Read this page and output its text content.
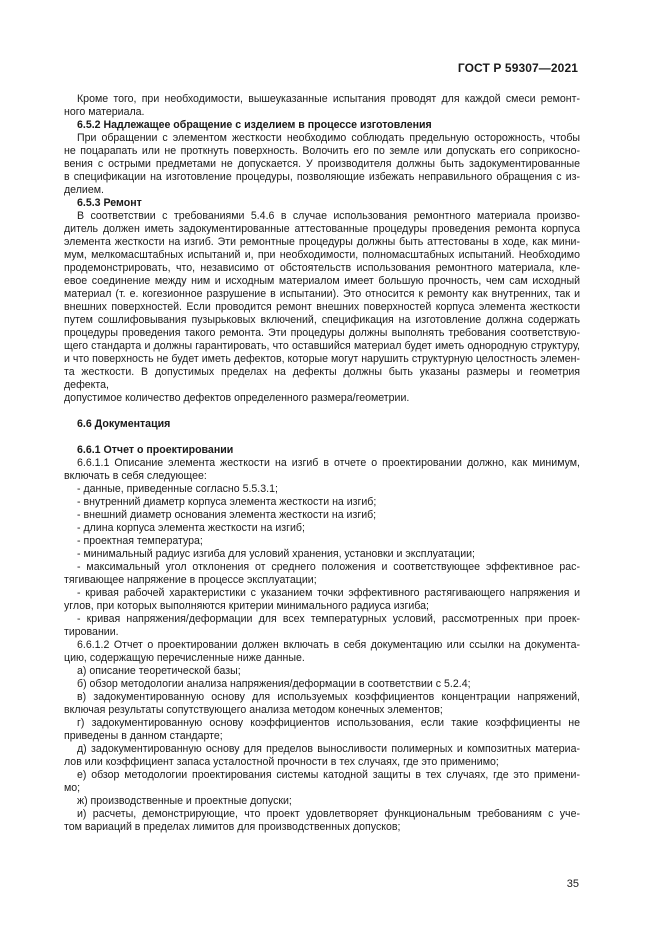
ГОСТ Р 59307—2021

Кроме того, при необходимости, вышеуказанные испытания проводят для каждой смеси ремонт-

ного материала.

6.5.2 Надлежащее обращение с изделием в процессе изготовления

При обращении с элементом жесткости необходимо соблюдать предельную осторожность, чтобы

не поцарапать или не проткнуть поверхность. Волочить его по земле или допускать его соприкосно-

вения с острыми предметами не допускается. У производителя должны быть задокументированные

в спецификации на изготовление процедуры, позволяющие избежать неправильного обращения с из-

делием.

6.5.3 Ремонт

В соответствии с требованиями 5.4.6 в случае использования ремонтного материала произво-

дитель должен иметь задокументированные аттестованные процедуры проведения ремонта корпуса

элемента жесткости на изгиб. Эти ремонтные процедуры должны быть аттестованы в ходе, как мини-

мум, мелкомасштабных испытаний и, при необходимости, полномасштабных испытаний. Необходимо

продемонстрировать, что, независимо от обстоятельств использования ремонтного материала, кле-

евое соединение между ним и исходным материалом имеет большую прочность, чем сам исходный

материал (т. е. когезионное разрушение в испытании). Это относится к ремонту как внутренних, так и

внешних поверхностей. Если проводится ремонт внешних поверхностей корпуса элемента жесткости

путем сошлифовывания пузырьковых включений, спецификация на изготовление должна содержать

процедуры проведения такого ремонта. Эти процедуры должны выполнять требования соответствую-

щего стандарта и должны гарантировать, что оставшийся материал будет иметь однородную структуру,

и что поверхность не будет иметь дефектов, которые могут нарушить структурную целостность элемен-

та жесткости. В допустимых пределах на дефекты должны быть указаны размеры и геометрия дефекта,

допустимое количество дефектов определенного размера/геометрии.

6.6 Документация

6.6.1 Отчет о проектировании

6.6.1.1 Описание элемента жесткости на изгиб в отчете о проектировании должно, как минимум,

включать в себя следующее:

- данные, приведенные согласно 5.5.3.1;

- внутренний диаметр корпуса элемента жесткости на изгиб;

- внешний диаметр основания элемента жесткости на изгиб;

- длина корпуса элемента жесткости на изгиб;

- проектная температура;

- минимальный радиус изгиба для условий хранения, установки и эксплуатации;

- максимальный угол отклонения от среднего положения и соответствующее эффективное рас-

тягивающее напряжение в процессе эксплуатации;

- кривая рабочей характеристики с указанием точки эффективного растягивающего напряжения и

углов, при которых выполняются критерии минимального радиуса изгиба;

- кривая напряжения/деформации для всех температурных условий, рассмотренных при проек-

тировании.

6.6.1.2 Отчет о проектировании должен включать в себя документацию или ссылки на документа-

цию, содержащую перечисленные ниже данные.

а) описание теоретической базы;

б) обзор методологии анализа напряжения/деформации в соответствии с 5.2.4;

в) задокументированную основу для используемых коэффициентов концентрации напряжений,

включая результаты сопутствующего анализа методом конечных элементов;

г) задокументированную основу коэффициентов использования, если такие коэффициенты не

приведены в данном стандарте;

д) задокументированную основу для пределов выносливости полимерных и композитных материа-

лов или коэффициент запаса усталостной прочности в тех случаях, где это применимо;

е) обзор методологии проектирования системы катодной защиты в тех случаях, где это примени-

мо;

ж) производственные и проектные допуски;

и) расчеты, демонстрирующие, что проект удовлетворяет функциональным требованиям с уче-

том вариаций в пределах лимитов для производственных допусков;

35
